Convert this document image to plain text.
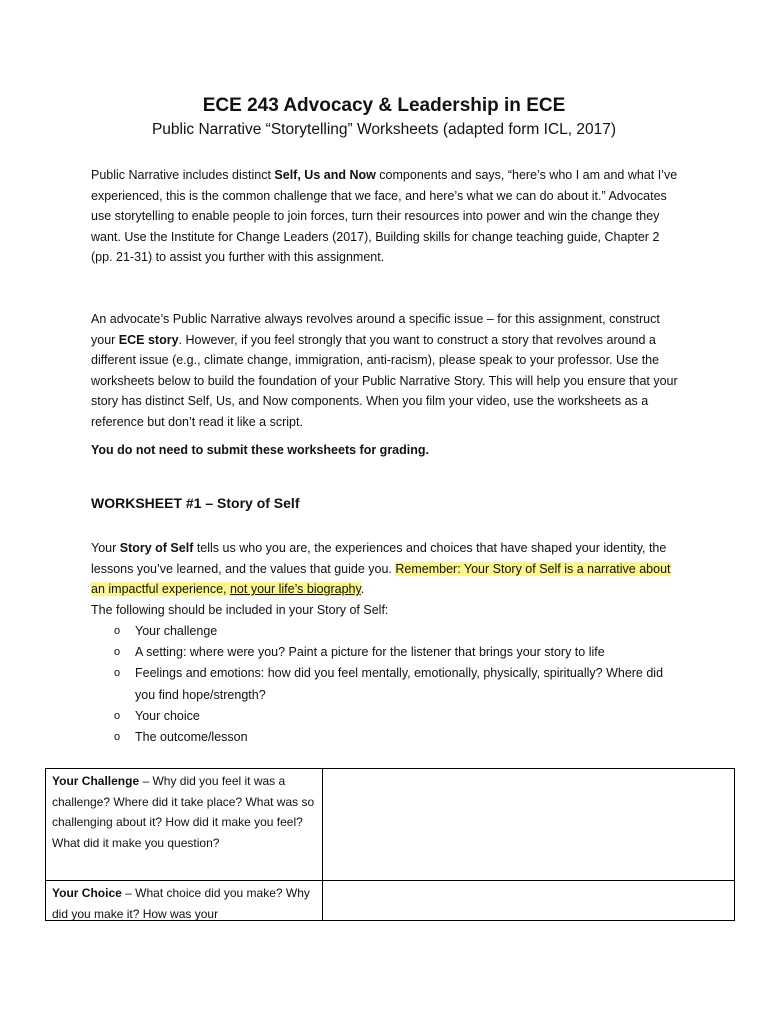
ECE 243 Advocacy & Leadership in ECE
Public Narrative “Storytelling” Worksheets (adapted form ICL, 2017)

Public Narrative includes distinct Self, Us and Now components and says, “here’s who I am and what I’ve experienced, this is the common challenge that we face, and here’s what we can do about it.” Advocates use storytelling to enable people to join forces, turn their resources into power and win the change they want. Use the Institute for Change Leaders (2017), Building skills for change teaching guide, Chapter 2 (pp. 21-31) to assist you further with this assignment.

An advocate’s Public Narrative always revolves around a specific issue – for this assignment, construct your ECE story. However, if you feel strongly that you want to construct a story that revolves around a different issue (e.g., climate change, immigration, anti-racism), please speak to your professor. Use the worksheets below to build the foundation of your Public Narrative Story. This will help you ensure that your story has distinct Self, Us, and Now components. When you film your video, use the worksheets as a reference but don’t read it like a script.

You do not need to submit these worksheets for grading.

WORKSHEET #1 – Story of Self

Your Story of Self tells us who you are, the experiences and choices that have shaped your identity, the lessons you’ve learned, and the values that guide you. Remember: Your Story of Self is a narrative about an impactful experience, not your life’s biography.
The following should be included in your Story of Self:

o Your challenge
o A setting: where were you? Paint a picture for the listener that brings your story to life
o Feelings and emotions: how did you feel mentally, emotionally, physically, spiritually? Where did you find hope/strength?
o Your choice
o The outcome/lesson
Your Challenge – Why did you feel it was a challenge? Where did it take place? What was so challenging about it? How did it make you feel? What did it make you question?
Your Choice – What choice did you make? Why did you make it? How was your
